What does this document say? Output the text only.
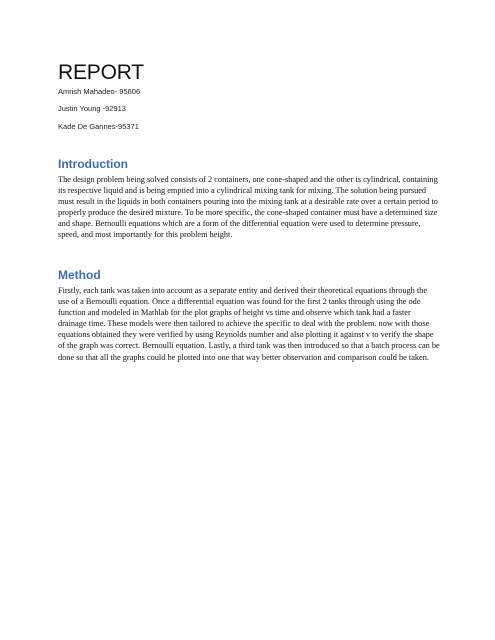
REPORT

Amrish Mahadeo- 95606

Justin Young -92913

Kade De Gannes-95371

Introduction

The design problem being solved consists of 2 containers, one cone-shaped and the other is cylindrical, containing its respective liquid and is being emptied into a cylindrical mixing tank for mixing. The solution being pursued must result in the liquids in both containers pouring into the mixing tank at a desirable rate over a certain period to properly produce the desired mixture. To be more specific, the cone-shaped container must have a determined size and shape. Bernoulli equations which are a form of the differential equation were used to determine pressure, speed, and most importantly for this problem height.

Method

Firstly, each tank was taken into account as a separate entity and derived their theoretical equations through the use of a Bernoulli equation. Once a differential equation was found for the first 2 tanks through using the ode function and modeled in Mathlab for the plot graphs of height vs time and observe which tank had a faster drainage time. These models were then tailored to achieve the specific to deal with the problem. now with those equations obtained they were verified by using Reynolds number and also plotting it against v to verify the shape of the graph was correct. Bernoulli equation. Lastly, a third tank was then introduced so that a batch process can be done so that all the graphs could be plotted into one that way better observation and comparison could be taken.
